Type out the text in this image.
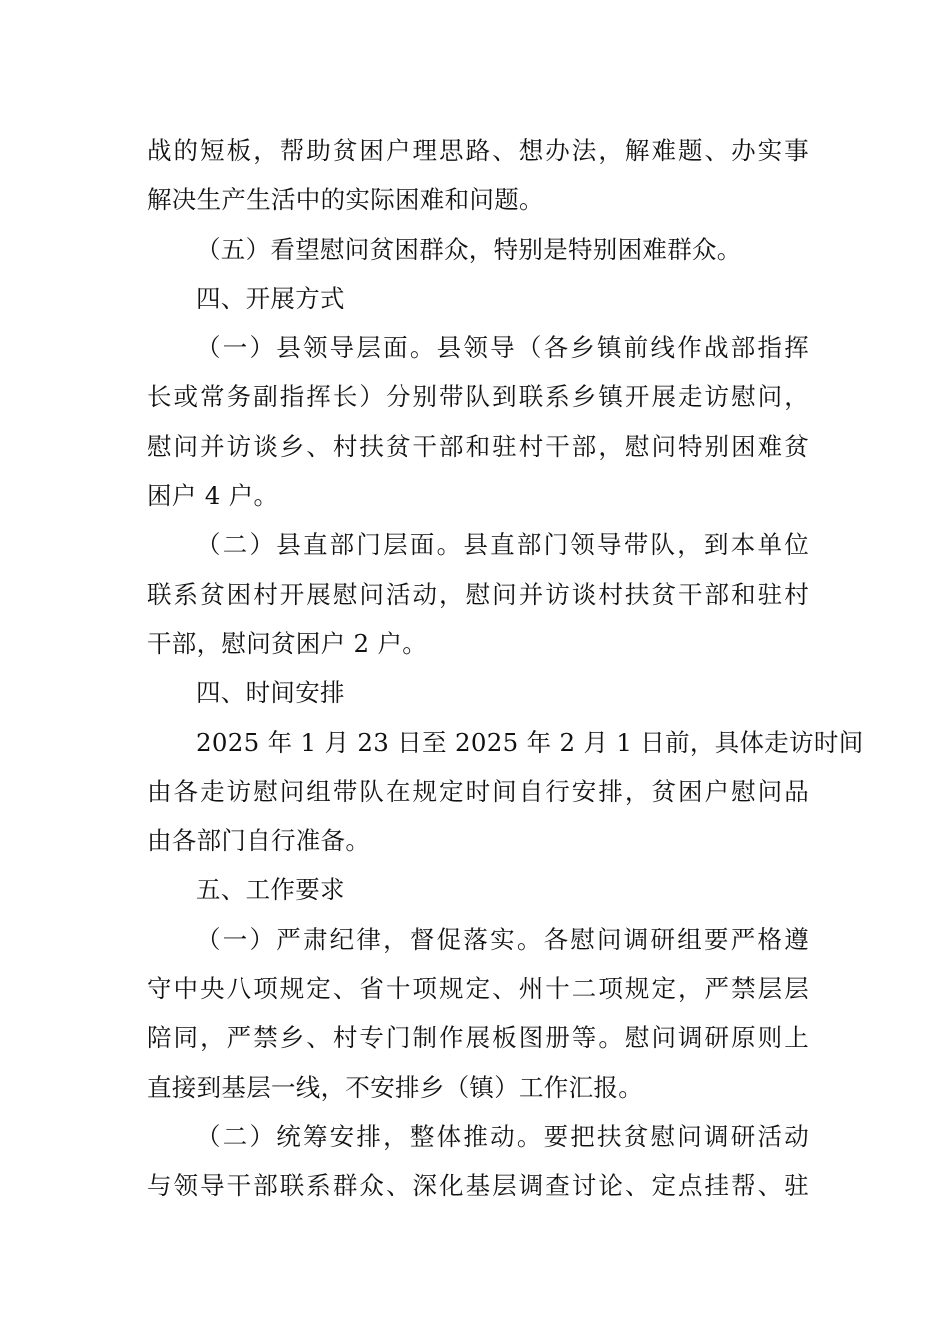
战的短板，帮助贫困户理思路、想办法，解难题、办实事
解决生产生活中的实际困难和问题。
（五）看望慰问贫困群众，特别是特别困难群众。
四、开展方式
（一）县领导层面。县领导（各乡镇前线作战部指挥
长或常务副指挥长）分别带队到联系乡镇开展走访慰问，
慰问并访谈乡、村扶贫干部和驻村干部，慰问特别困难贫
困户 4 户。
（二）县直部门层面。县直部门领导带队，到本单位
联系贫困村开展慰问活动，慰问并访谈村扶贫干部和驻村
干部，慰问贫困户 2 户。
四、时间安排
2025 年 1 月 23 日至 2025 年 2 月 1 日前，具体走访时间
由各走访慰问组带队在规定时间自行安排，贫困户慰问品
由各部门自行准备。
五、工作要求
（一）严肃纪律，督促落实。各慰问调研组要严格遵
守中央八项规定、省十项规定、州十二项规定，严禁层层
陪同，严禁乡、村专门制作展板图册等。慰问调研原则上
直接到基层一线，不安排乡（镇）工作汇报。
（二）统筹安排，整体推动。要把扶贫慰问调研活动
与领导干部联系群众、深化基层调查讨论、定点挂帮、驻
